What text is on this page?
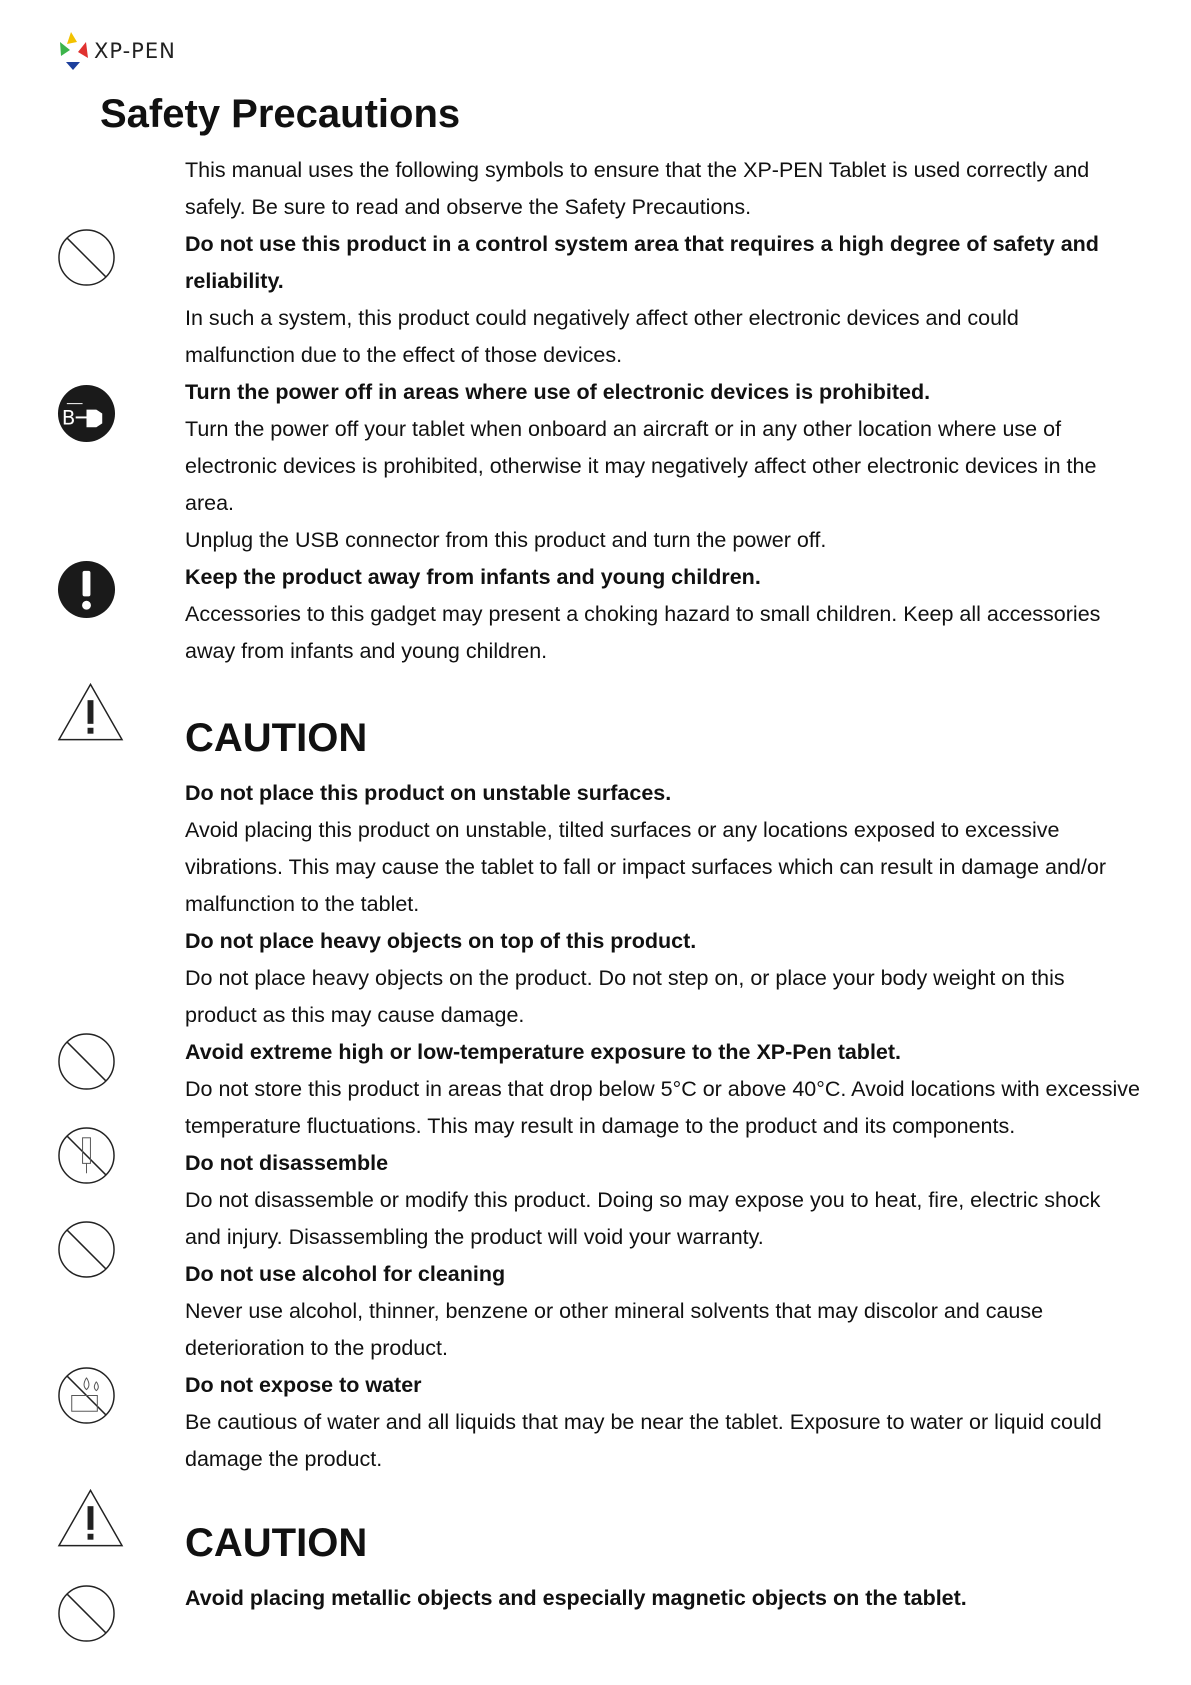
XP-PEN
Safety Precautions
B

This manual uses the following symbols to ensure that the XP-PEN Tablet is used correctly and safely. Be sure to read and observe the Safety Precautions.

Do not use this product in a control system area that requires a high degree of safety and reliability.

In such a system, this product could negatively affect other electronic devices and could malfunction due to the effect of those devices.

Turn the power off in areas where use of electronic devices is prohibited.

Turn the power off your tablet when onboard an aircraft or in any other location where use of electronic devices is prohibited, otherwise it may negatively affect other electronic devices in the area.

Unplug the USB connector from this product and turn the power off.

Keep the product away from infants and young children.

Accessories to this gadget may present a choking hazard to small children. Keep all accessories away from infants and young children.

CAUTION

Do not place this product on unstable surfaces.

Avoid placing this product on unstable, tilted surfaces or any locations exposed to excessive vibrations. This may cause the tablet to fall or impact surfaces which can result in damage and/or malfunction to the tablet.

Do not place heavy objects on top of this product.

Do not place heavy objects on the product. Do not step on, or place your body weight on this product as this may cause damage.

Avoid extreme high or low-temperature exposure to the XP-Pen tablet.

Do not store this product in areas that drop below 5°C or above 40°C. Avoid locations with excessive temperature fluctuations. This may result in damage to the product and its components.

Do not disassemble

Do not disassemble or modify this product. Doing so may expose you to heat, fire, electric shock and injury. Disassembling the product will void your warranty.

Do not use alcohol for cleaning

Never use alcohol, thinner, benzene or other mineral solvents that may discolor and cause deterioration to the product.

Do not expose to water

Be cautious of water and all liquids that may be near the tablet. Exposure to water or liquid could damage the product.

CAUTION

Avoid placing metallic objects and especially magnetic objects on the tablet.
